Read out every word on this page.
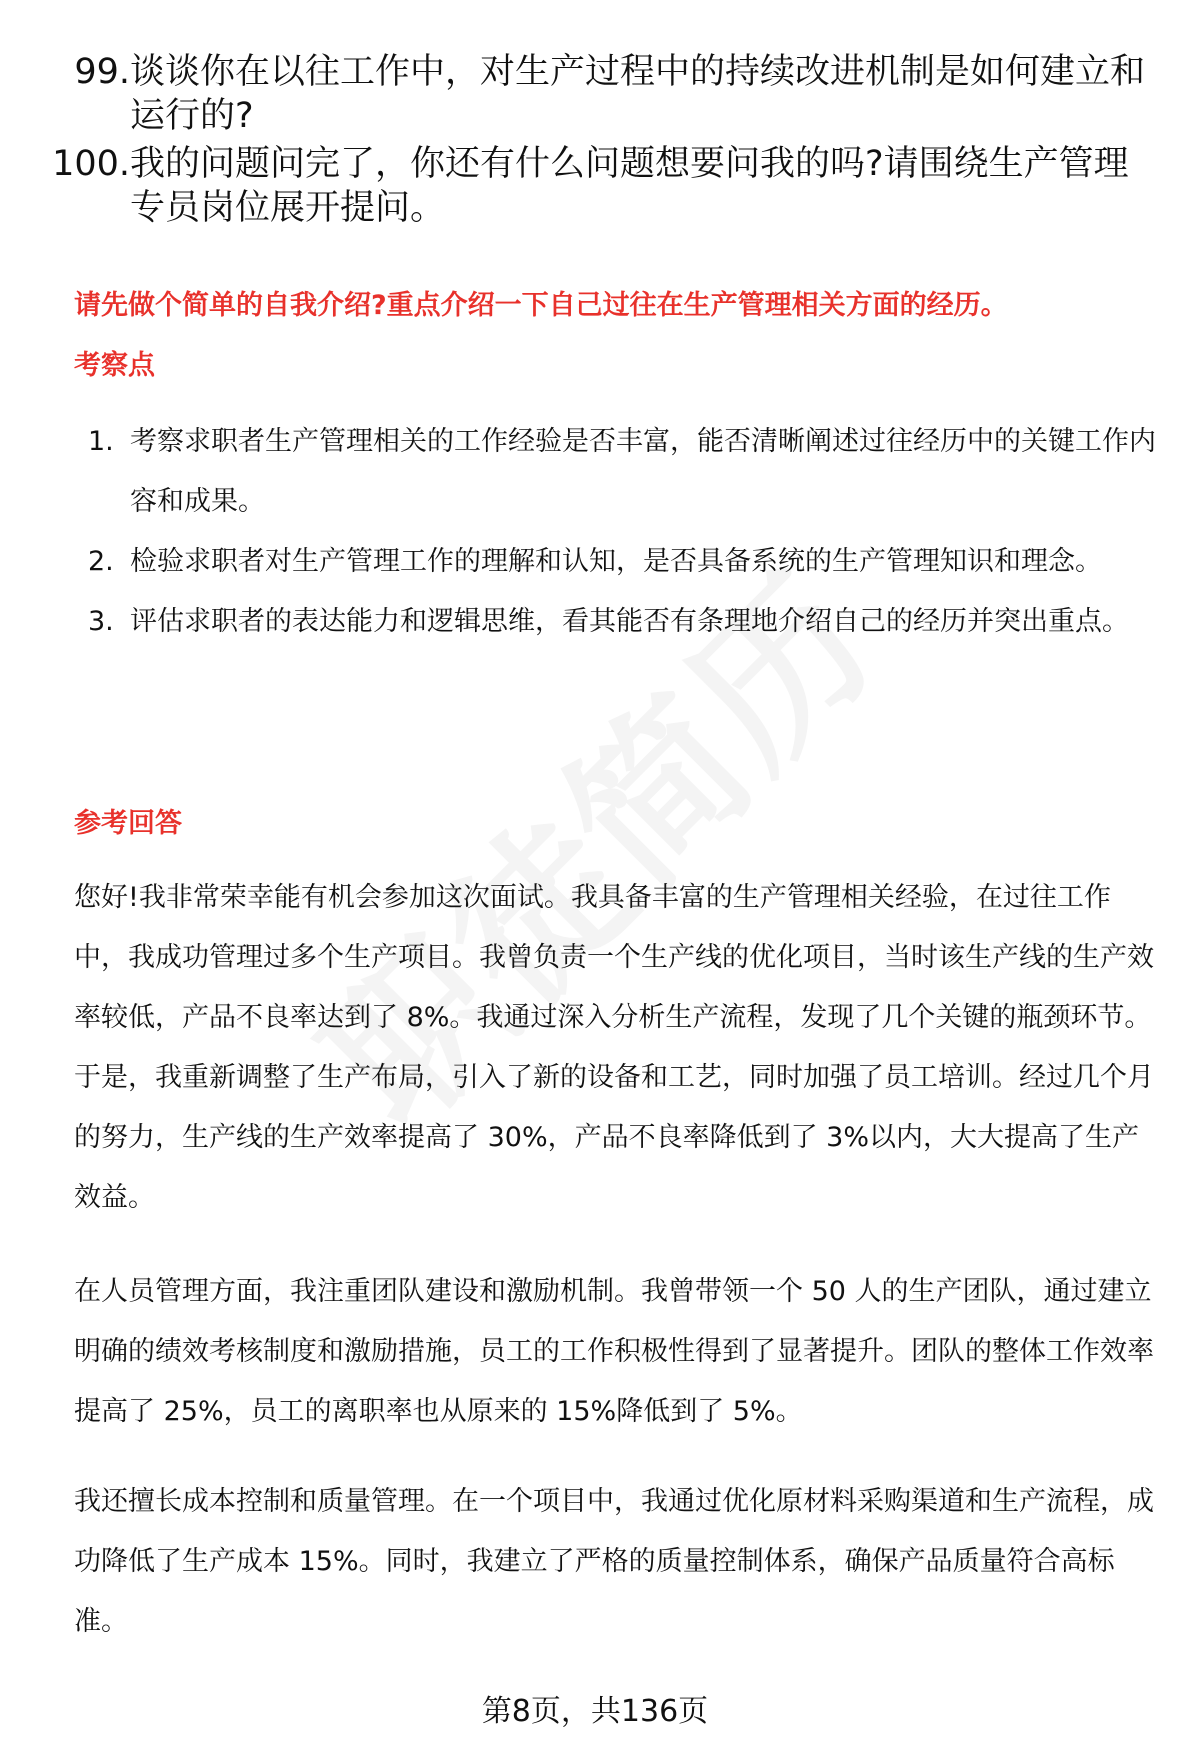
99. 谈谈你在以往工作中，对生产过程中的持续改进机制是如何建立和运行的?
100. 我的问题问完了，你还有什么问题想要问我的吗?请围绕生产管理专员岗位展开提问。
请先做个简单的自我介绍?重点介绍一下自己过往在生产管理相关方面的经历。
考察点
1. 考察求职者生产管理相关的工作经验是否丰富，能否清晰阐述过往经历中的关键工作内容和成果。
2. 检验求职者对生产管理工作的理解和认知，是否具备系统的生产管理知识和理念。
3. 评估求职者的表达能力和逻辑思维，看其能否有条理地介绍自己的经历并突出重点。
参考回答

您好!我非常荣幸能有机会参加这次面试。我具备丰富的生产管理相关经验，在过往工作中，我成功管理过多个生产项目。我曾负责一个生产线的优化项目，当时该生产线的生产效率较低，产品不良率达到了 8%。我通过深入分析生产流程，发现了几个关键的瓶颈环节。于是，我重新调整了生产布局，引入了新的设备和工艺，同时加强了员工培训。经过几个月的努力，生产线的生产效率提高了 30%，产品不良率降低到了 3%以内，大大提高了生产效益。

在人员管理方面，我注重团队建设和激励机制。我曾带领一个 50 人的生产团队，通过建立明确的绩效考核制度和激励措施，员工的工作积极性得到了显著提升。团队的整体工作效率提高了 25%，员工的离职率也从原来的 15%降低到了 5%。

我还擅长成本控制和质量管理。在一个项目中，我通过优化原材料采购渠道和生产流程，成功降低了生产成本 15%。同时，我建立了严格的质量控制体系，确保产品质量符合高标准。

第8页，共136页
